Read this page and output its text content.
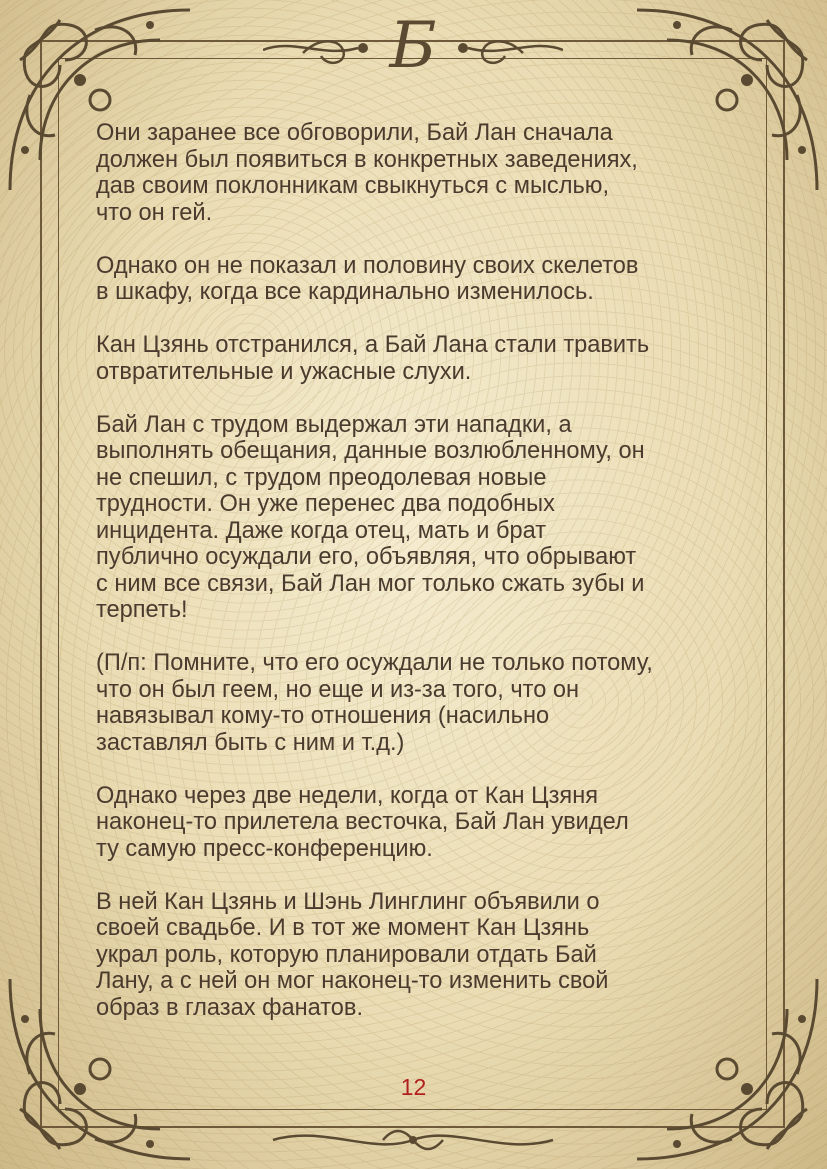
Б

Они заранее все обговорили, Бай Лан сначала
должен был появиться в конкретных заведениях,
дав своим поклонникам свыкнуться с мыслью,
что он гей.

Однако он не показал и половину своих скелетов
в шкафу, когда все кардинально изменилось.

Кан Цзянь отстранился, а Бай Лана стали травить
отвратительные и ужасные слухи.

Бай Лан с трудом выдержал эти нападки, а
выполнять обещания, данные возлюбленному, он
не спешил, с трудом преодолевая новые
трудности. Он уже перенес два подобных
инцидента. Даже когда отец, мать и брат
публично осуждали его, объявляя, что обрывают
с ним все связи, Бай Лан мог только сжать зубы и
терпеть!

(П/п: Помните, что его осуждали не только потому,
что он был геем, но еще и из-за того, что он
навязывал кому-то отношения (насильно
заставлял быть с ним и т.д.)

Однако через две недели, когда от Кан Цзяня
наконец-то прилетела весточка, Бай Лан увидел
ту самую пресс-конференцию.

В ней Кан Цзянь и Шэнь Линглинг объявили о
своей свадьбе. И в тот же момент Кан Цзянь
украл роль, которую планировали отдать Бай
Лану, а с ней он мог наконец-то изменить свой
образ в глазах фанатов.

12
